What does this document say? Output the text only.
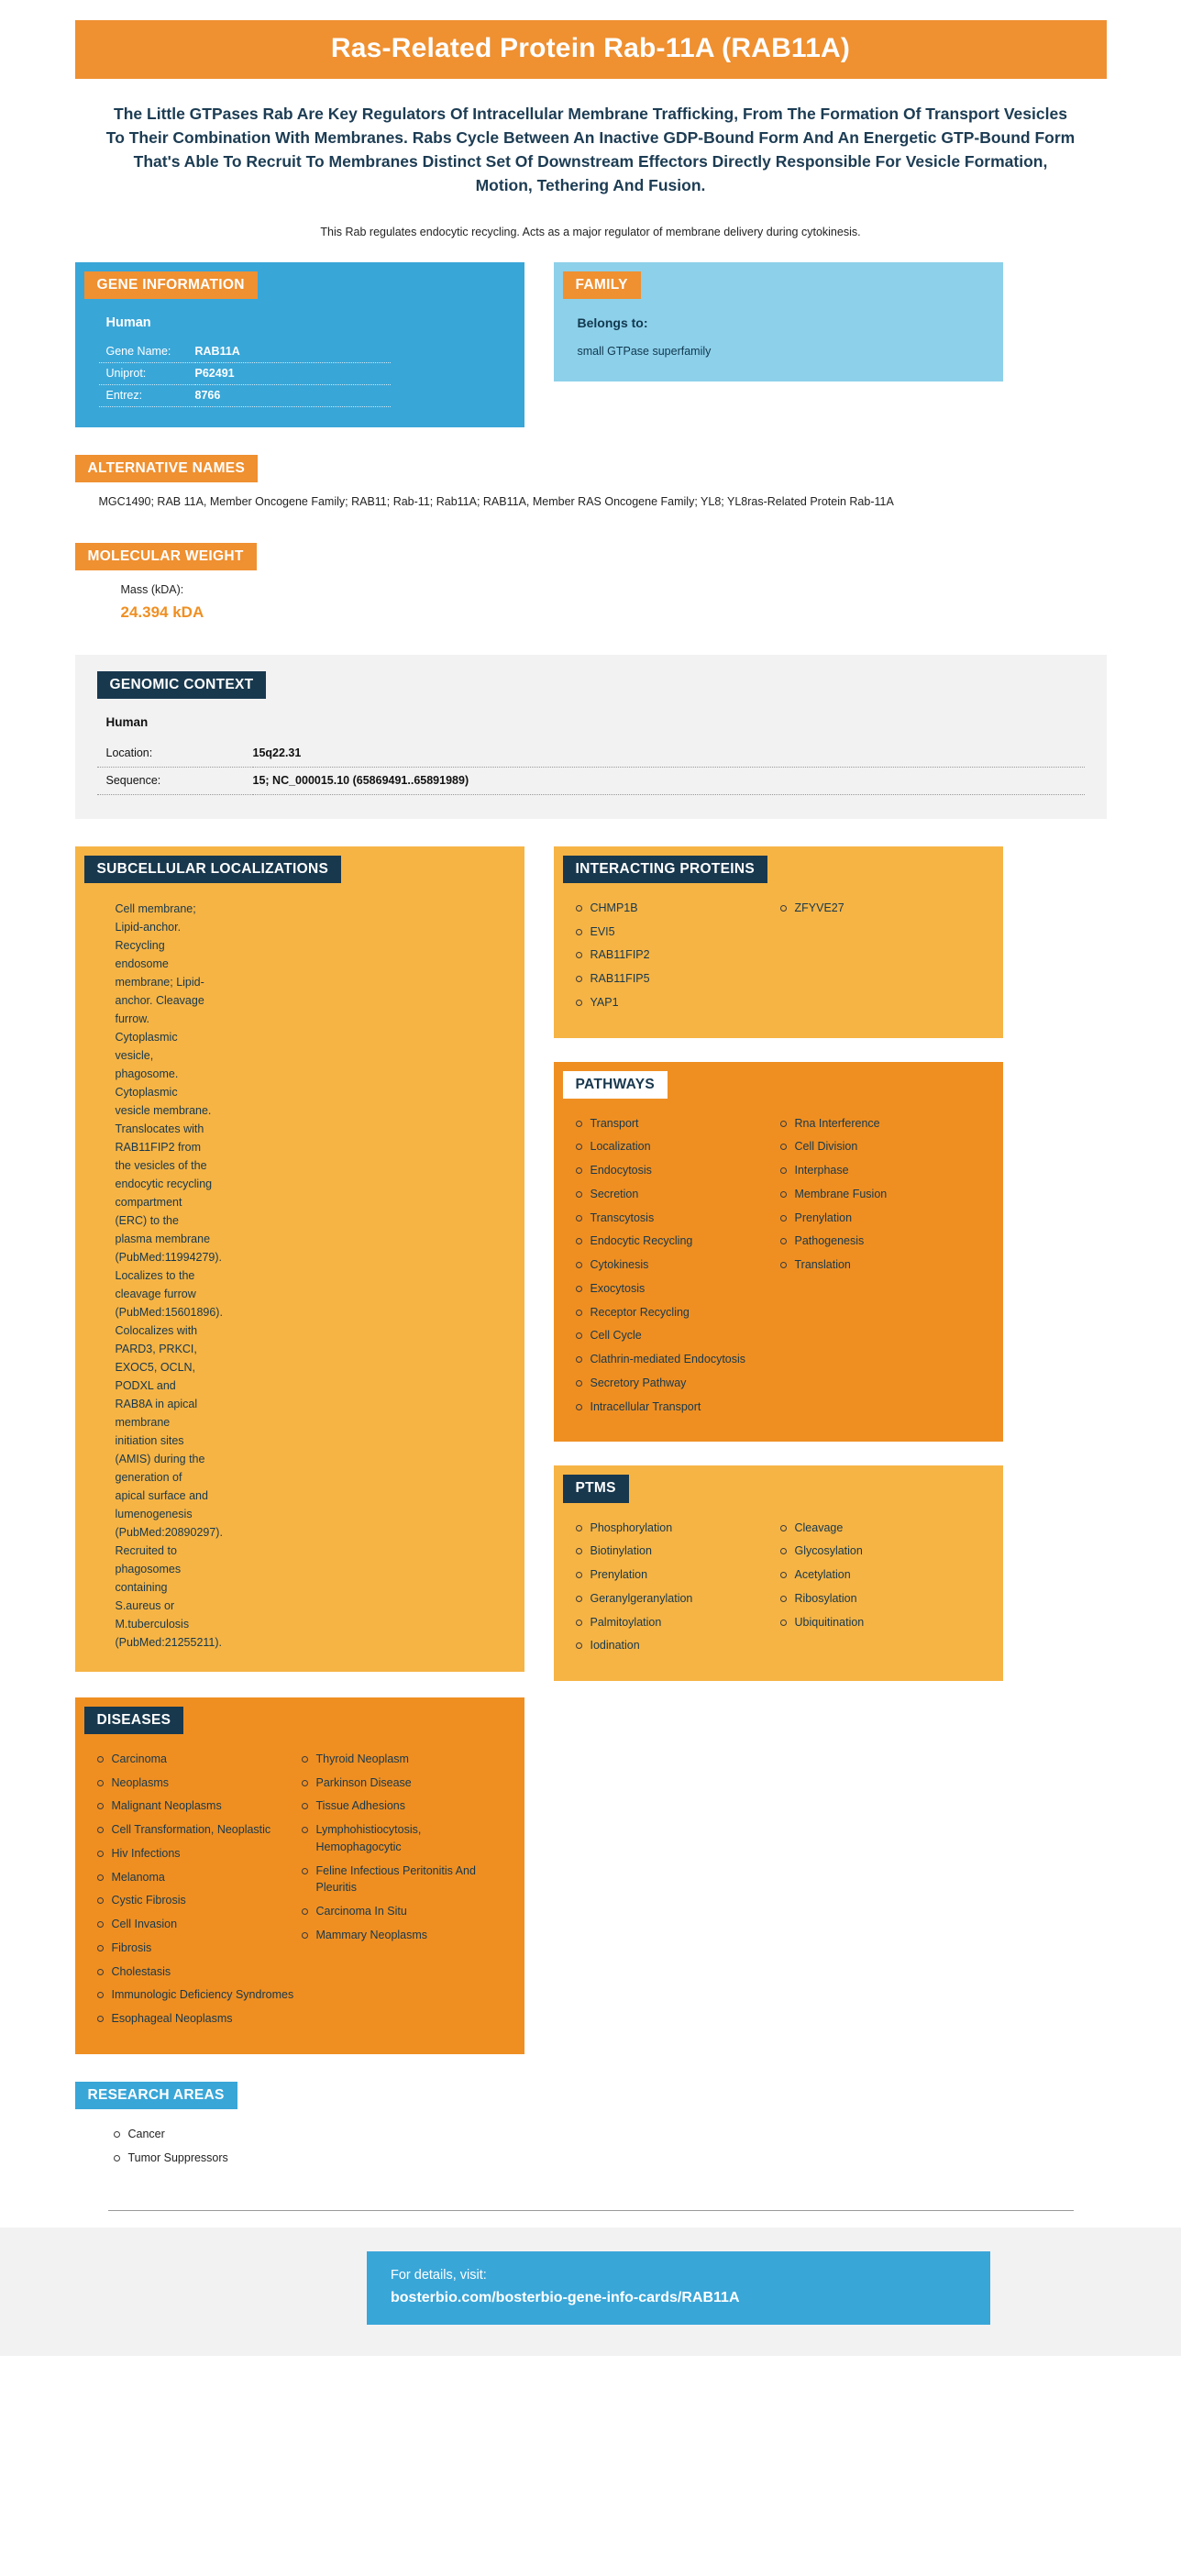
Ras-Related Protein Rab-11A (RAB11A)
The Little GTPases Rab Are Key Regulators Of Intracellular Membrane Trafficking, From The Formation Of Transport Vesicles To Their Combination With Membranes. Rabs Cycle Between An Inactive GDP-Bound Form And An Energetic GTP-Bound Form That's Able To Recruit To Membranes Distinct Set Of Downstream Effectors Directly Responsible For Vesicle Formation, Motion, Tethering And Fusion.
This Rab regulates endocytic recycling. Acts as a major regulator of membrane delivery during cytokinesis.
GENE INFORMATION
Human
Gene Name:	RAB11A
Uniprot:	P62491
Entrez:	8766
FAMILY
Belongs to:
small GTPase superfamily
ALTERNATIVE NAMES
MGC1490; RAB 11A, Member Oncogene Family; RAB11; Rab-11; Rab11A; RAB11A, Member RAS Oncogene Family; YL8; YL8ras-Related Protein Rab-11A
MOLECULAR WEIGHT
Mass (kDA):
24.394 kDA
GENOMIC CONTEXT
Human
Location:	15q22.31
Sequence:	15; NC_000015.10 (65869491..65891989)
SUBCELLULAR LOCALIZATIONS
Cell membrane; Lipid-anchor. Recycling endosome membrane; Lipid-anchor. Cleavage furrow. Cytoplasmic vesicle, phagosome. Cytoplasmic vesicle membrane. Translocates with RAB11FIP2 from the vesicles of the endocytic recycling compartment (ERC) to the plasma membrane (PubMed:11994279). Localizes to the cleavage furrow (PubMed:15601896). Colocalizes with PARD3, PRKCI, EXOC5, OCLN, PODXL and RAB8A in apical membrane initiation sites (AMIS) during the generation of apical surface and lumenogenesis (PubMed:20890297). Recruited to phagosomes containing S.aureus or M.tuberculosis (PubMed:21255211).
DISEASES
Carcinoma
Neoplasms
Malignant Neoplasms
Cell Transformation, Neoplastic
Hiv Infections
Melanoma
Cystic Fibrosis
Cell Invasion
Fibrosis
Cholestasis
Immunologic Deficiency Syndromes
Esophageal Neoplasms
Thyroid Neoplasm
Parkinson Disease
Tissue Adhesions
Lymphohistiocytosis, Hemophagocytic
Feline Infectious Peritonitis And Pleuritis
Carcinoma In Situ
Mammary Neoplasms
RESEARCH AREAS
Cancer
Tumor Suppressors
INTERACTING PROTEINS
CHMP1B
EVI5
RAB11FIP2
RAB11FIP5
YAP1
ZFYVE27
PATHWAYS
Transport
Localization
Endocytosis
Secretion
Transcytosis
Endocytic Recycling
Cytokinesis
Exocytosis
Receptor Recycling
Cell Cycle
Clathrin-mediated Endocytosis
Secretory Pathway
Intracellular Transport
Rna Interference
Cell Division
Interphase
Membrane Fusion
Prenylation
Pathogenesis
Translation
PTMS
Phosphorylation
Biotinylation
Prenylation
Geranylgeranylation
Palmitoylation
Iodination
Cleavage
Glycosylation
Acetylation
Ribosylation
Ubiquitination
For details, visit:
bosterbio.com/bosterbio-gene-info-cards/RAB11A
